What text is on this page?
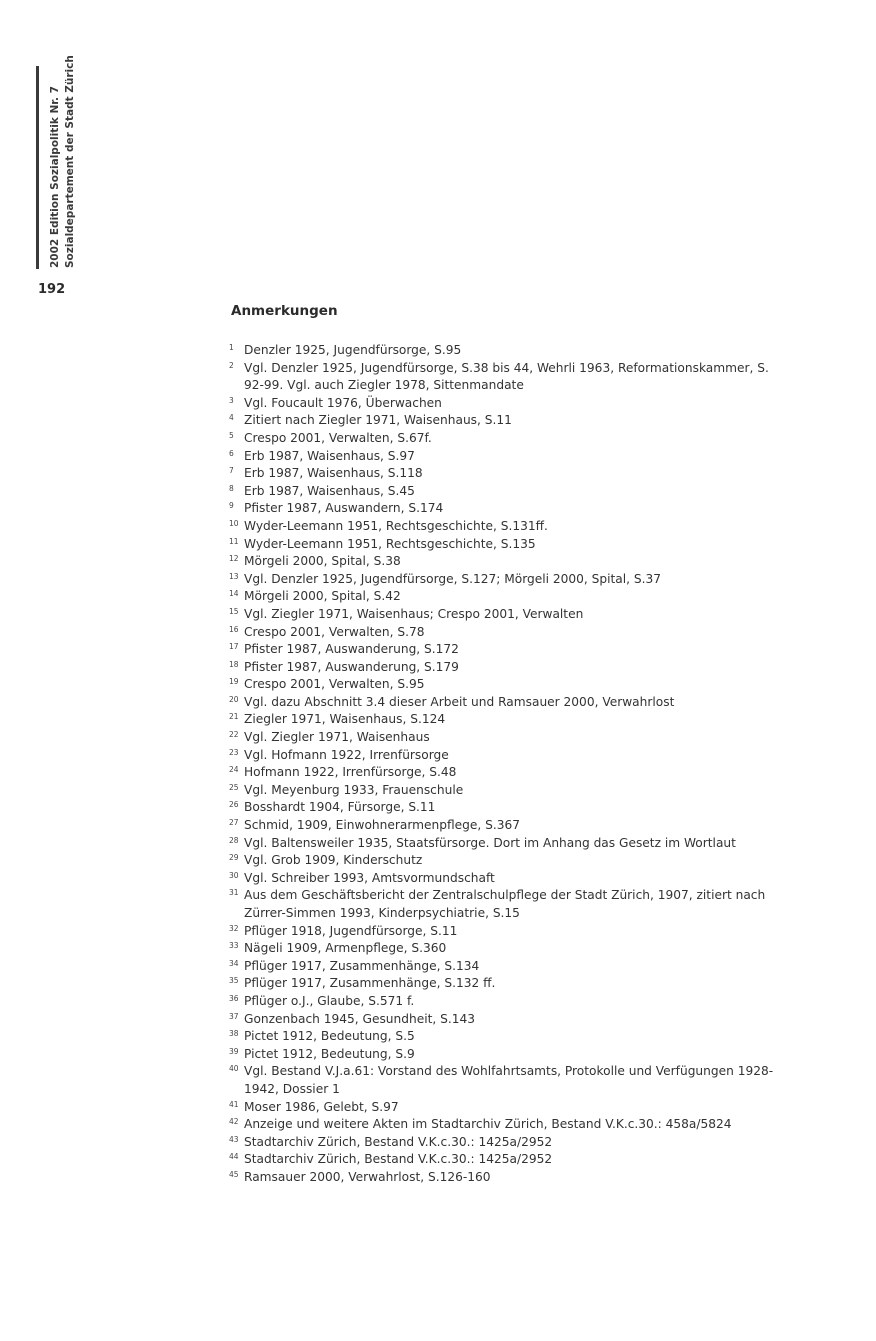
2002 Edition Sozialpolitik Nr. 7 Sozialdepartement der Stadt Zürich
192
Anmerkungen
1 Denzler 1925, Jugendfürsorge, S.95
2 Vgl. Denzler 1925, Jugendfürsorge, S.38 bis 44, Wehrli 1963, Reformationskammer, S. 92-99. Vgl. auch Ziegler 1978, Sittenmandate
3 Vgl. Foucault 1976, Überwachen
4 Zitiert nach Ziegler 1971, Waisenhaus, S.11
5 Crespo 2001, Verwalten, S.67f.
6 Erb 1987, Waisenhaus, S.97
7 Erb 1987, Waisenhaus, S.118
8 Erb 1987, Waisenhaus, S.45
9 Pfister 1987, Auswandern, S.174
10 Wyder-Leemann 1951, Rechtsgeschichte, S.131ff.
11 Wyder-Leemann 1951, Rechtsgeschichte, S.135
12 Mörgeli 2000, Spital, S.38
13 Vgl. Denzler 1925, Jugendfürsorge, S.127; Mörgeli 2000, Spital, S.37
14 Mörgeli 2000, Spital, S.42
15 Vgl. Ziegler 1971, Waisenhaus; Crespo 2001, Verwalten
16 Crespo 2001, Verwalten, S.78
17 Pfister 1987, Auswanderung, S.172
18 Pfister 1987, Auswanderung, S.179
19 Crespo 2001, Verwalten, S.95
20 Vgl. dazu Abschnitt 3.4 dieser Arbeit und Ramsauer 2000, Verwahrlost
21 Ziegler 1971, Waisenhaus, S.124
22 Vgl. Ziegler 1971, Waisenhaus
23 Vgl. Hofmann 1922, Irrenfürsorge
24 Hofmann 1922, Irrenfürsorge, S.48
25 Vgl. Meyenburg 1933, Frauenschule
26 Bosshardt 1904, Fürsorge, S.11
27 Schmid, 1909, Einwohnerarmenpflege, S.367
28 Vgl. Baltensweiler 1935, Staatsfürsorge. Dort im Anhang das Gesetz im Wortlaut
29 Vgl. Grob 1909, Kinderschutz
30 Vgl. Schreiber 1993, Amtsvormundschaft
31 Aus dem Geschäftsbericht der Zentralschulpflege der Stadt Zürich, 1907, zitiert nach Zürrer-Simmen 1993, Kinderpsychiatrie, S.15
32 Pflüger 1918, Jugendfürsorge, S.11
33 Nägeli 1909, Armenpflege, S.360
34 Pflüger 1917, Zusammenhänge, S.134
35 Pflüger 1917, Zusammenhänge, S.132 ff.
36 Pflüger o.J., Glaube, S.571 f.
37 Gonzenbach 1945, Gesundheit, S.143
38 Pictet 1912, Bedeutung, S.5
39 Pictet 1912, Bedeutung, S.9
40 Vgl. Bestand V.J.a.61: Vorstand des Wohlfahrtsamts, Protokolle und Verfügungen 1928-1942, Dossier 1
41 Moser 1986, Gelebt, S.97
42 Anzeige und weitere Akten im Stadtarchiv Zürich, Bestand V.K.c.30.: 458a/5824
43 Stadtarchiv Zürich, Bestand V.K.c.30.: 1425a/2952
44 Stadtarchiv Zürich, Bestand V.K.c.30.: 1425a/2952
45 Ramsauer 2000, Verwahrlost, S.126-160
